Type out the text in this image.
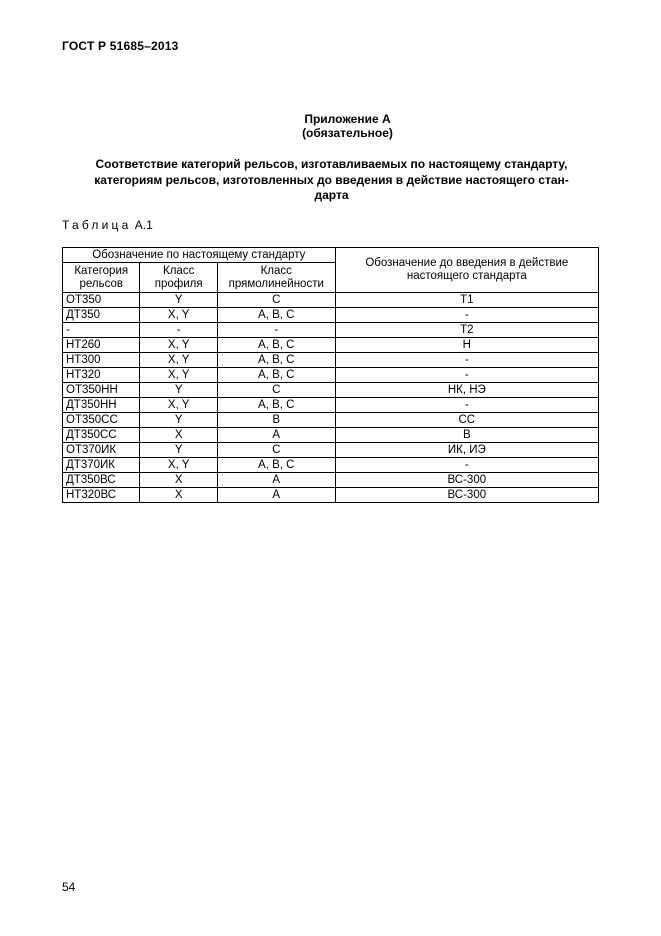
ГОСТ Р 51685–2013
Приложение А
(обязательное)
Соответствие категорий рельсов, изготавливаемых по настоящему стандарту,
категориям рельсов, изготовленных до введения в действие настоящего стан-
дарта
Таблица А.1
Обозначение по настоящему стандарту			Обозначение до введения в действие настоящего стандарта
Категория рельсов	Класс профиля	Класс прямолинейности	
ОТ350	Y	С	Т1
ДТ350	X, Y	A, B, C	-
-	-	-	Т2
НТ260	X, Y	A, B, C	Н
НТ300	X, Y	A, B, C	-
НТ320	X, Y	A, B, C	-
ОТ350НН	Y	C	НК, НЭ
ДТ350НН	X, Y	A, B, C	-
ОТ350СС	Y	B	СС
ДТ350СС	X	A	В
ОТ370ИК	Y	C	ИК, ИЭ
ДТ370ИК	X, Y	A, B, C	-
ДТ350ВС	X	A	ВС-300
НТ320ВС	X	A	ВС-300
54
